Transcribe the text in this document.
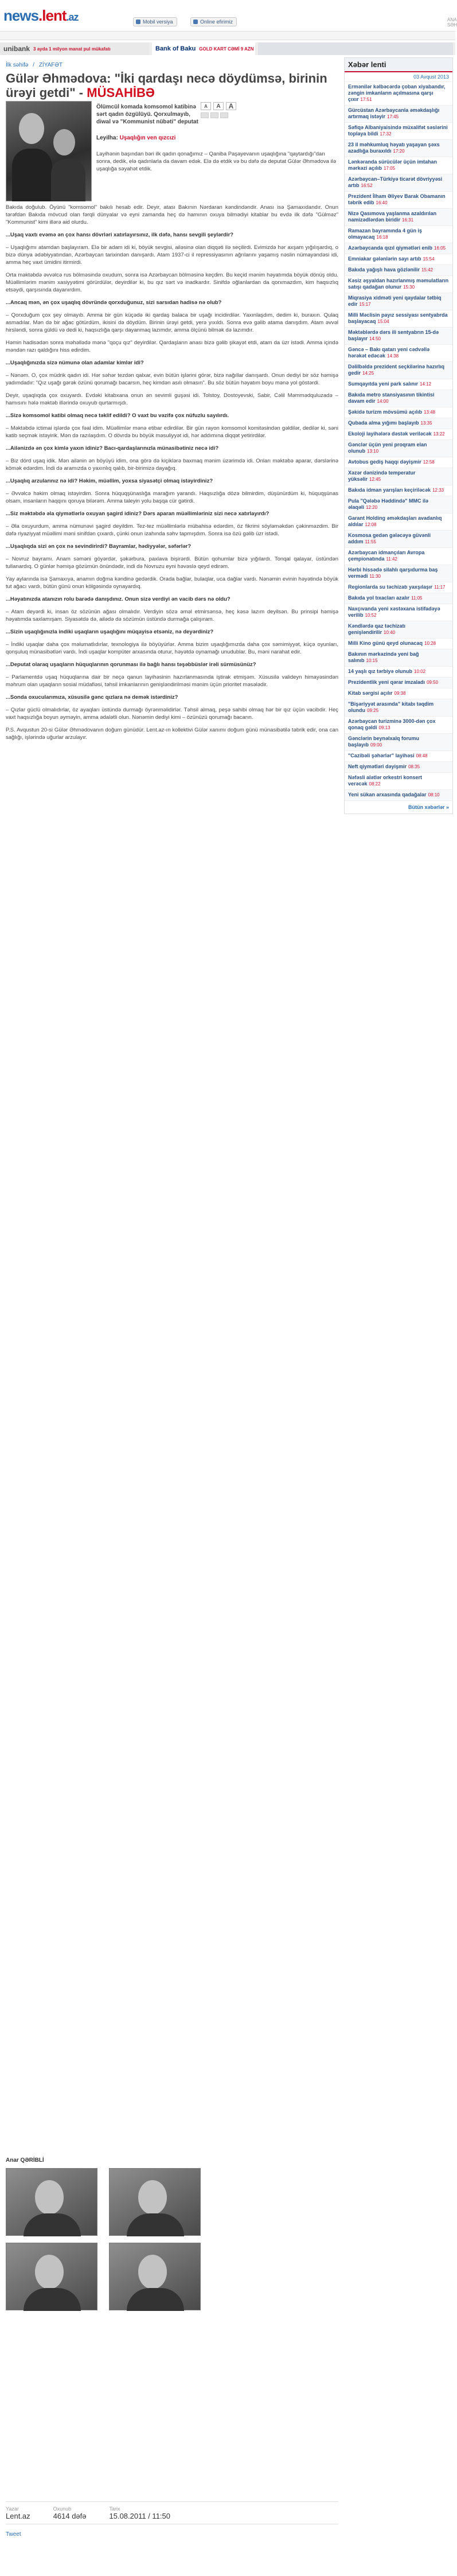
news.lent.az	Mobil versiya	Online efirimiz	ANA SƏH
unibank 3 ayda 1 milyon manat pul mükafatı	Bank of Baku GOLD KART CƏMİ 9 AZN
İlk səhifə / ZİYAFƏT
Gülər Əhmədova: "İki qardaşı necə döydümsə, birinin ürəyi getdi" - MÜSAHİBƏ
A	A	A
Ölümcül komada komsomol katibinə sərt qadın özgülüyü. Qorxulmayıb, diwal və "Kommunist nübəti" deputat
Leyilha: Uşaqlığın ven qızcızi
Layihənin başından bəri ilk qadın qonağımız – Qaniba Paşayevanın uşaqlığına "qaytardığı"dan sonra, dedik, elə qadınlarla da davam edək. Elə də etdik və bu dəfə də deputat Gülər Əhmədova ilə uşaqlığa səyahət etdik.

Bakıda doğulub. Öyünü "komsomol" bakılı hesab edir. Deyir, atası Bakının Nərdaran kəndindəndir. Anası isə Şamaxıdandır. Onun tərəfdən Bakıda mövcud olan fərqli dünyalar və eyni zamanda heç də hamının oxuya bilmədiyi kitablar bu evdə ilk dəfə "Gülməz" "Kommunist" kimi illərə aid olurdu.

...Uşaq vaxtı evəmə ən çox hansı dövrləri xatırlayırsınız, ilk dəfə, hansı sevgili şeylərdir?

– Uşaqlığımı atamdan başlayıram. Elə bir adam idi ki, böyük sevgisi, ailəsinə olan diqqəti ilə seçilirdi. Evimizdə hər axşam yığılışardıq, o bizə dünya ədəbiyyatından, Azərbaycan tarixindən danışardı. Atam 1937-ci il repressiyasının ağrılarını yaşamış nəslin nümayəndəsi idi, amma heç vaxt ümidini itirmirdi.

Orta məktəbdə əvvəlcə rus bölməsində oxudum, sonra isə Azərbaycan bölməsinə keçdim. Bu keçid mənim həyatımda böyük dönüş oldu. Müəllimlərim mənim xasiyyətimi görürdülər, deyirdilər ki, bu qız sərt və inadkardır. Sinifdə oğlanlardan da qorxmazdım, kim haqsızlıq etsəydi, qarşısında dayanırdım.

...Ancaq mən, ən çox uşaqlıq dövründə qorxduğunuz, sizi sarsıdan hadisə nə olub?

– Qorxduğum çox şey olmayıb. Amma bir gün küçədə iki qardaş balaca bir uşağı incidirdilər. Yaxınlaşdım, dedim ki, buraxın. Qulaq asmadılar. Mən də bir ağac götürdüm, ikisini də döydüm. Birinin ürəyi getdi, yerə yıxıldı. Sonra evə gəlib atama danışdım. Atam əvvəl hirsləndi, sonra güldü və dedi ki, haqsızlığa qarşı dayanmaq lazımdır, amma ölçünü bilmək də lazımdır.

Həmin hadisədən sonra məhəllədə mənə "qoçu qız" deyirdilər. Qardaşların anası bizə gəlib şikayət etdi, atam da üzr istədi. Amma içində məndən razı qaldığını hiss edirdim.

...Uşaqlığınızda sizə nümunə olan adamlar kimlər idi?

– Nənəm. O, çox müdrik qadın idi. Hər səhər tezdən qalxar, evin bütün işlərini görər, bizə nağıllar danışardı. Onun dediyi bir söz həmişə yadımdadır: "Qız uşağı gərək özünü qorumağı bacarsın, heç kimdən asılı olmasın". Bu söz bütün həyatım boyu mənə yol göstərdi.

Deyir, uşaqlıqda çox oxuyardı. Evdəki kitabxana onun ən sevimli guşəsi idi. Tolstoy, Dostoyevski, Sabir, Cəlil Məmmədquluzadə – hamısını hələ məktəb illərində oxuyub qurtarmışdı.

...Sizə komsomol katibi olmaq necə təklif edildi? O vaxt bu vəzifə çox nüfuzlu sayılırdı.

– Məktəbdə ictimai işlərdə çox fəal idim. Müəllimlər mənə etibar edirdilər. Bir gün rayon komsomol komitəsindən gəldilər, dedilər ki, səni katib seçmək istəyirik. Mən də razılaşdım. O dövrdə bu böyük məsuliyyət idi, hər addımına diqqət yetirirdilər.

...Ailənizdə ən çox kimlə yaxın idiniz? Bacı-qardaşlarınızla münasibətiniz necə idi?

– Biz dörd uşaq idik. Mən ailənin ən böyüyü idim, ona görə də kiçiklərə baxmaq mənim üzərimdə idi. Onları məktəbə aparar, dərslərinə kömək edərdim. İndi də aramızda o yaxınlıq qalıb, bir-birimizə dayağıq.

...Uşaqlıq arzularınız nə idi? Həkim, müəllim, yoxsa siyasətçi olmaq istəyirdiniz?

– Əvvəlcə həkim olmaq istəyirdim. Sonra hüquqşünaslığa marağım yarandı. Haqsızlığa dözə bilmirdim, düşünürdüm ki, hüquqşünas olsam, insanların haqqını qoruya bilərəm. Amma taleyin yolu başqa cür gətirdi.

...Siz məktəbdə əla qiymətlərlə oxuyan şagird idiniz? Dərs aparan müəllimləriniz sizi necə xatırlayırdı?

– Əla oxuyurdum, amma nümunəvi şagird deyildim. Tez-tez müəllimlərlə mübahisə edərdim, öz fikrimi söyləməkdən çəkinməzdim. Bir dəfə riyaziyyat müəllimi məni sinifdən çıxardı, çünki onun izahında səhv tapmışdım. Sonra isə özü gəlib üzr istədi.

...Uşaqlıqda sizi ən çox nə sevindirirdi? Bayramlar, hədiyyələr, səfərlər?

– Novruz bayramı. Anam səməni göyərdər, şəkərbura, paxlava bişirərdi. Bütün qohumlar bizə yığılardı. Tonqal qalayar, üstündən tullanardıq. O günlər həmişə gözümün önündədir, indi də Novruzu eyni həvəslə qeyd edirəm.

Yay aylarında isə Şamaxıya, anamın doğma kəndinə gedərdik. Orada bağlar, bulaqlar, uca dağlar vardı. Nənəmin evinin həyətində böyük tut ağacı vardı, bütün günü onun kölgəsində oynayardıq.

...Həyatınızda atanızın rolu barədə danışdınız. Onun sizə verdiyi ən vacib dərs nə oldu?

– Atam deyərdi ki, insan öz sözünün ağası olmalıdır. Verdiyin sözə əməl etmirsənsə, heç kəsə lazım deyilsən. Bu prinsipi həmişə həyatımda saxlamışam. Siyasətdə də, ailədə də sözümün üstündə durmağa çalışıram.

...Sizin uşaqlığınızla indiki uşaqların uşaqlığını müqayisə etsəniz, nə deyərdiniz?

– İndiki uşaqlar daha çox məlumatlıdırlar, texnologiya ilə böyüyürlər. Amma bizim uşaqlığımızda daha çox səmimiyyət, küçə oyunları, qonşuluq münasibətləri vardı. İndi uşaqlar kompüter arxasında oturur, həyətdə oynamağı unudublar. Bu, məni narahat edir.

...Deputat olaraq uşaqların hüquqlarının qorunması ilə bağlı hansı təşəbbüslər irəli sürmüsünüz?

– Parlamentdə uşaq hüquqlarına dair bir neçə qanun layihəsinin hazırlanmasında iştirak etmişəm. Xüsusilə valideyn himayəsindən məhrum olan uşaqların sosial müdafiəsi, təhsil imkanlarının genişləndirilməsi mənim üçün prioritet məsələdir.

...Sonda oxucularımıza, xüsusilə gənc qızlara nə demək istərdiniz?

– Qızlar güclü olmalıdırlar, öz ayaqları üstündə durmağı öyrənməlidirlər. Təhsil almaq, peşə sahibi olmaq hər bir qız üçün vacibdir. Heç vaxt haqsızlığa boyun əyməyin, amma ədalətli olun. Nənəmin dediyi kimi – özünüzü qorumağı bacarın.

P.S. Avqustun 20-si Gülər Əhmədovanın doğum günüdür. Lent.az-ın kollektivi Gülər xanımı doğum günü münasibətilə təbrik edir, ona can sağlığı, işlərində uğurlar arzulayır.

Anar QƏRİBLİ
Yazar
Lent.az
Oxunub
4614 dəfə
Tarix
15.08.2011 / 11:50
Tweet
Xəbər lenti
03 Avqust 2013
Ermənilər kəlbəcərdə çoban xiyabandır, zəngin imkanların açılmasına qarşı çıxır 17:51
Gürcüstan Azərbaycanla əməkdaşlığı artırmaq istəyir 17:45
Səfiqə Albaniyaisində müxalifət səslərini toplaya bildi 17:32
23 il məhkumluq həyatı yaşayan şəxs azadlığa buraxıldı 17:20
Lənkəranda sürücülər üçün imtahan mərkəzi açılıb 17:05
Azərbaycan–Türkiyə ticarət dövriyyəsi artıb 16:52
Prezident İlham Əliyev Barak Obamanın təbrik edib 16:40
Nizə Qasımova yaşlanma azaldırılan namizədlərdən biridir 16:31
Ramazan bayramında 4 gün iş olmayacaq 16:18
Azərbaycanda qızıl qiymətləri enib 16:05
Emniakar gələnlərin sayı artıb 15:54
Bakıda yağışlı hava gözlənilir 15:42
Kəsiz əşyaldan hazırlanmış məmulatların satışı qadağan olunur 15:30
Miqrasiya xidməti yeni qaydalar tətbiq edir 15:17
Milli Məclisin payız sessiyası sentyabrda başlayacaq 15:04
Məktəblərdə dərs ili sentyabrın 15-də başlayır 14:50
Gəncə – Bakı qatarı yeni cədvəllə hərəkət edəcək 14:38
Dəlilbəldə prezident seçkilərinə hazırlıq gedir 14:25
Sumqayıtda yeni park salınır 14:12
Bakıda metro stansiyasının tikintisi davam edir 14:00
Şəkidə turizm mövsümü açılıb 13:48
Qubada alma yığımı başlayıb 13:35
Ekoloji layihələrə dəstək veriləcək 13:22
Gənclər üçün yeni proqram elan olunub 13:10
Avtobus gediş haqqı dəyişmir 12:58
Xəzər dənizində temperatur yüksəlir 12:45
Bakıda idman yarışları keçiriləcək 12:33
Pula "Qələbə Həddində" MMC ilə əlaqəli 12:20
Garant Holding əməkdaşları avadanlıq aldılar 12:08
Kosmosa gedən gələcəyə güvənli addım 11:55
Azərbaycan idmançıları Avropa çempionatında 11:42
Hərbi hissədə silahlı qarşıdurma baş vermədi 11:30
Regionlarda su təchizatı yaxşılaşır 11:17
Bakıda yol tıxacları azalır 11:05
Naxçıvanda yeni xəstəxana istifadəyə verilib 10:52
Kəndlərdə qaz təchizatı genişləndirilir 10:40
Milli Kino günü qeyd olunacaq 10:28
Bakının mərkəzində yeni bağ salınıb 10:15
14 yaşlı qız tərbiyə olunub 10:02
Prezidentlik yeni qərar imzaladı 09:50
Kitab sərgisi açılır 09:38
"Bişəriyyət arasında" kitabı təqdim olundu 09:25
Azərbaycan turizminə 3000-dən çox qonaq gəldi 09:13
Gənclərin beynəlxalq forumu başlayıb 09:00
"Cazibəli şəhərlər" layihəsi 08:48
Neft qiymətləri dəyişmir 08:35
Nəfəsli alətlər orkestri konsert verəcək 08:22
Yeni sükan arxasında qadağalar 08:10
Bütün xəbərlər »
